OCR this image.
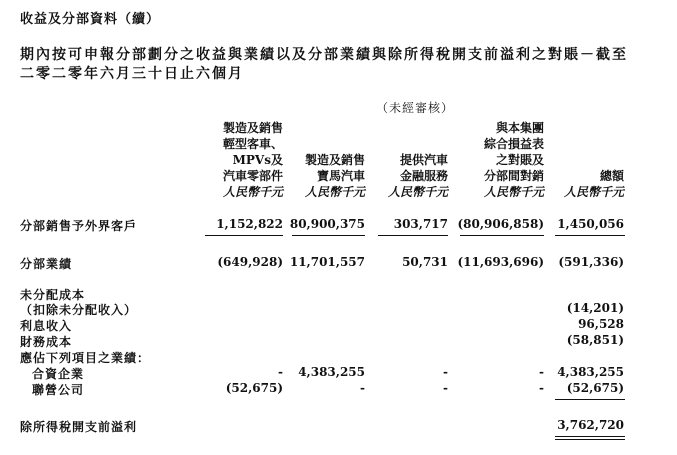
收益及分部資料（續）
期內按可申報分部劃分之收益與業績以及分部業績與除所得稅開支前溢利之對賬－截至
二零二零年六月三十日止六個月
（未經審核）
製造及銷售
輕型客車、
MPVs及
汽車零部件
人民幣千元
製造及銷售
寶馬汽車
人民幣千元
提供汽車
金融服務
人民幣千元
與本集團
綜合損益表
之對賬及
分部間對銷
人民幣千元
總額
人民幣千元
分部銷售予外界客戶	1,152,822 80,900,375	303,717 (80,906,858)	1,450,056
分部業績	(649,928) 11,701,557	50,731 (11,693,696)	(591,336)
未分配成本
（扣除未分配收入）	(14,201)
利息收入	96,528
財務成本	(58,851)
應佔下列項目之業績：
合資企業	-	4,383,255	-	-	4,383,255
聯營公司	(52,675)	-	-	-	(52,675)
除所得稅開支前溢利	3,762,720
